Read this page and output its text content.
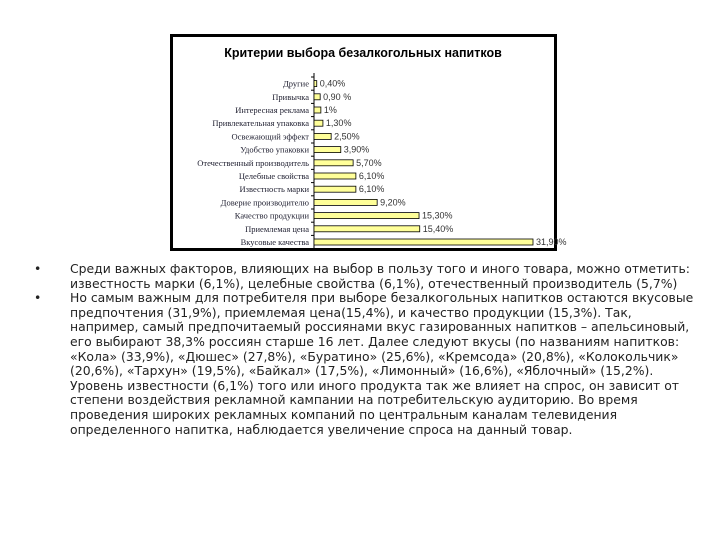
Критерии выбора безалкогольных напитков
Другие 0,40%
Привычка 0,90 %
Интересная реклама 1%
Привлекательная упаковка 1,30%
Освежающий эффект	2,50%
Удобство упаковки	3,90%
Отечественный производитель	5,70%
Целебные свойства	6,10%
Известность марки	6,10%
Доверие производителю	9,20%
Качество продукции	15,30%
Приемлемая цена	15,40%
Вкусовые качества	31,90%
• Среди важных факторов, влияющих на выбор в пользу того и иного товара, можно отметить: известность марки (6,1%), целебные свойства (6,1%), отечественный производитель (5,7%)
• Но самым важным для потребителя при выборе безалкогольных напитков остаются вкусовые предпочтения (31,9%), приемлемая цена(15,4%), и качество продукции (15,3%). Так, например, самый предпочитаемый россиянами вкус газированных напитков – апельсиновый, его выбирают 38,3% россиян старше 16 лет. Далее следуют вкусы (по названиям напитков: «Кола» (33,9%), «Дюшес» (27,8%), «Буратино» (25,6%), «Кремсода» (20,8%), «Колокольчик» (20,6%), «Тархун» (19,5%), «Байкал» (17,5%), «Лимонный» (16,6%), «Яблочный» (15,2%). Уровень известности (6,1%) того или иного продукта так же влияет на спрос, он зависит от степени воздействия рекламной кампании на потребительскую аудиторию. Во время проведения широких рекламных компаний по центральным каналам телевидения определенного напитка, наблюдается увеличение спроса на данный товар.
